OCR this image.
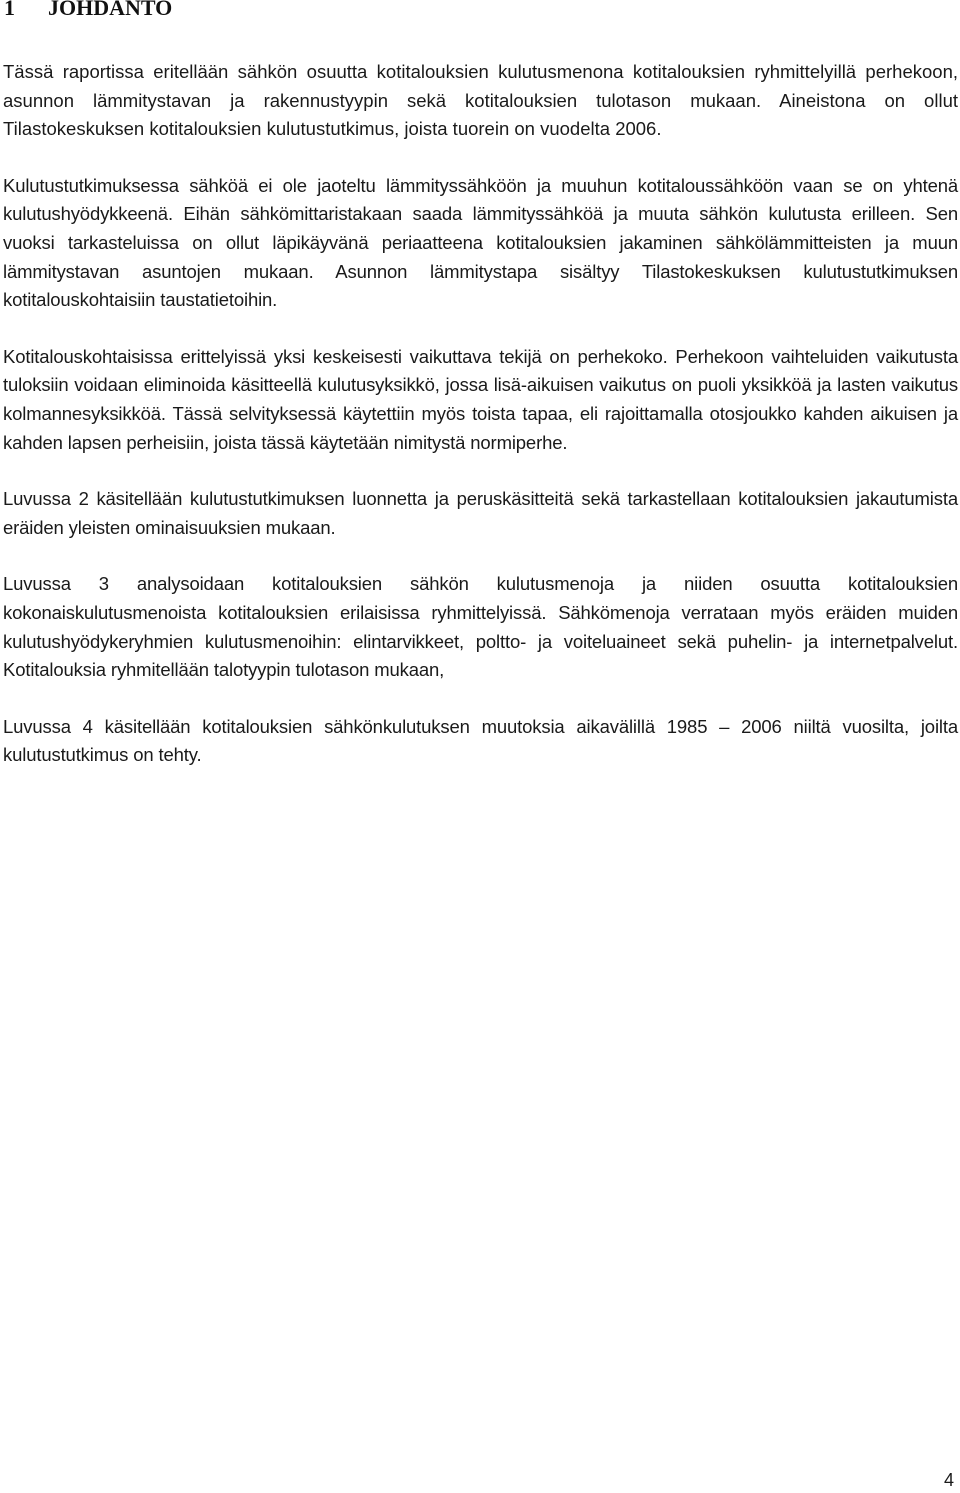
1 JOHDANTO

Tässä raportissa eritellään sähkön osuutta kotitalouksien kulutusmenona kotitalouksien ryhmittelyillä perhekoon, asunnon lämmitystavan ja rakennustyypin sekä kotitalouksien tulotason mukaan. Aineistona on ollut Tilastokeskuksen kotitalouksien kulutustutkimus, joista tuorein on vuodelta 2006.

Kulutustutkimuksessa sähköä ei ole jaoteltu lämmityssähköön ja muuhun kotitaloussähköön vaan se on yhtenä kulutushyödykkeenä. Eihän sähkömittaristakaan saada lämmityssähköä ja muuta sähkön kulutusta erilleen. Sen vuoksi tarkasteluissa on ollut läpikäyvänä periaatteena kotitalouksien jakaminen sähkölämmitteisten ja muun lämmitystavan asuntojen mukaan. Asunnon lämmitystapa sisältyy Tilastokeskuksen kulutustutkimuksen kotitalouskohtaisiin taustatietoihin.

Kotitalouskohtaisissa erittelyissä yksi keskeisesti vaikuttava tekijä on perhekoko. Perhekoon vaihteluiden vaikutusta tuloksiin voidaan eliminoida käsitteellä kulutusyksikkö, jossa lisä-aikuisen vaikutus on puoli yksikköä ja lasten vaikutus kolmannesyksikköä. Tässä selvityksessä käytettiin myös toista tapaa, eli rajoittamalla otosjoukko kahden aikuisen ja kahden lapsen perheisiin, joista tässä käytetään nimitystä normiperhe.

Luvussa 2 käsitellään kulutustutkimuksen luonnetta ja peruskäsitteitä sekä tarkastellaan kotitalouksien jakautumista eräiden yleisten ominaisuuksien mukaan.

Luvussa 3 analysoidaan kotitalouksien sähkön kulutusmenoja ja niiden osuutta kotitalouksien kokonaiskulutusmenoista kotitalouksien erilaisissa ryhmittelyissä. Sähkömenoja verrataan myös eräiden muiden kulutushyödykeryhmien kulutusmenoihin: elintarvikkeet, poltto- ja voiteluaineet sekä puhelin- ja internetpalvelut. Kotitalouksia ryhmitellään talotyypin tulotason mukaan,

Luvussa 4 käsitellään kotitalouksien sähkönkulutuksen muutoksia aikavälillä 1985 – 2006 niiltä vuosilta, joilta kulutustutkimus on tehty.

4
